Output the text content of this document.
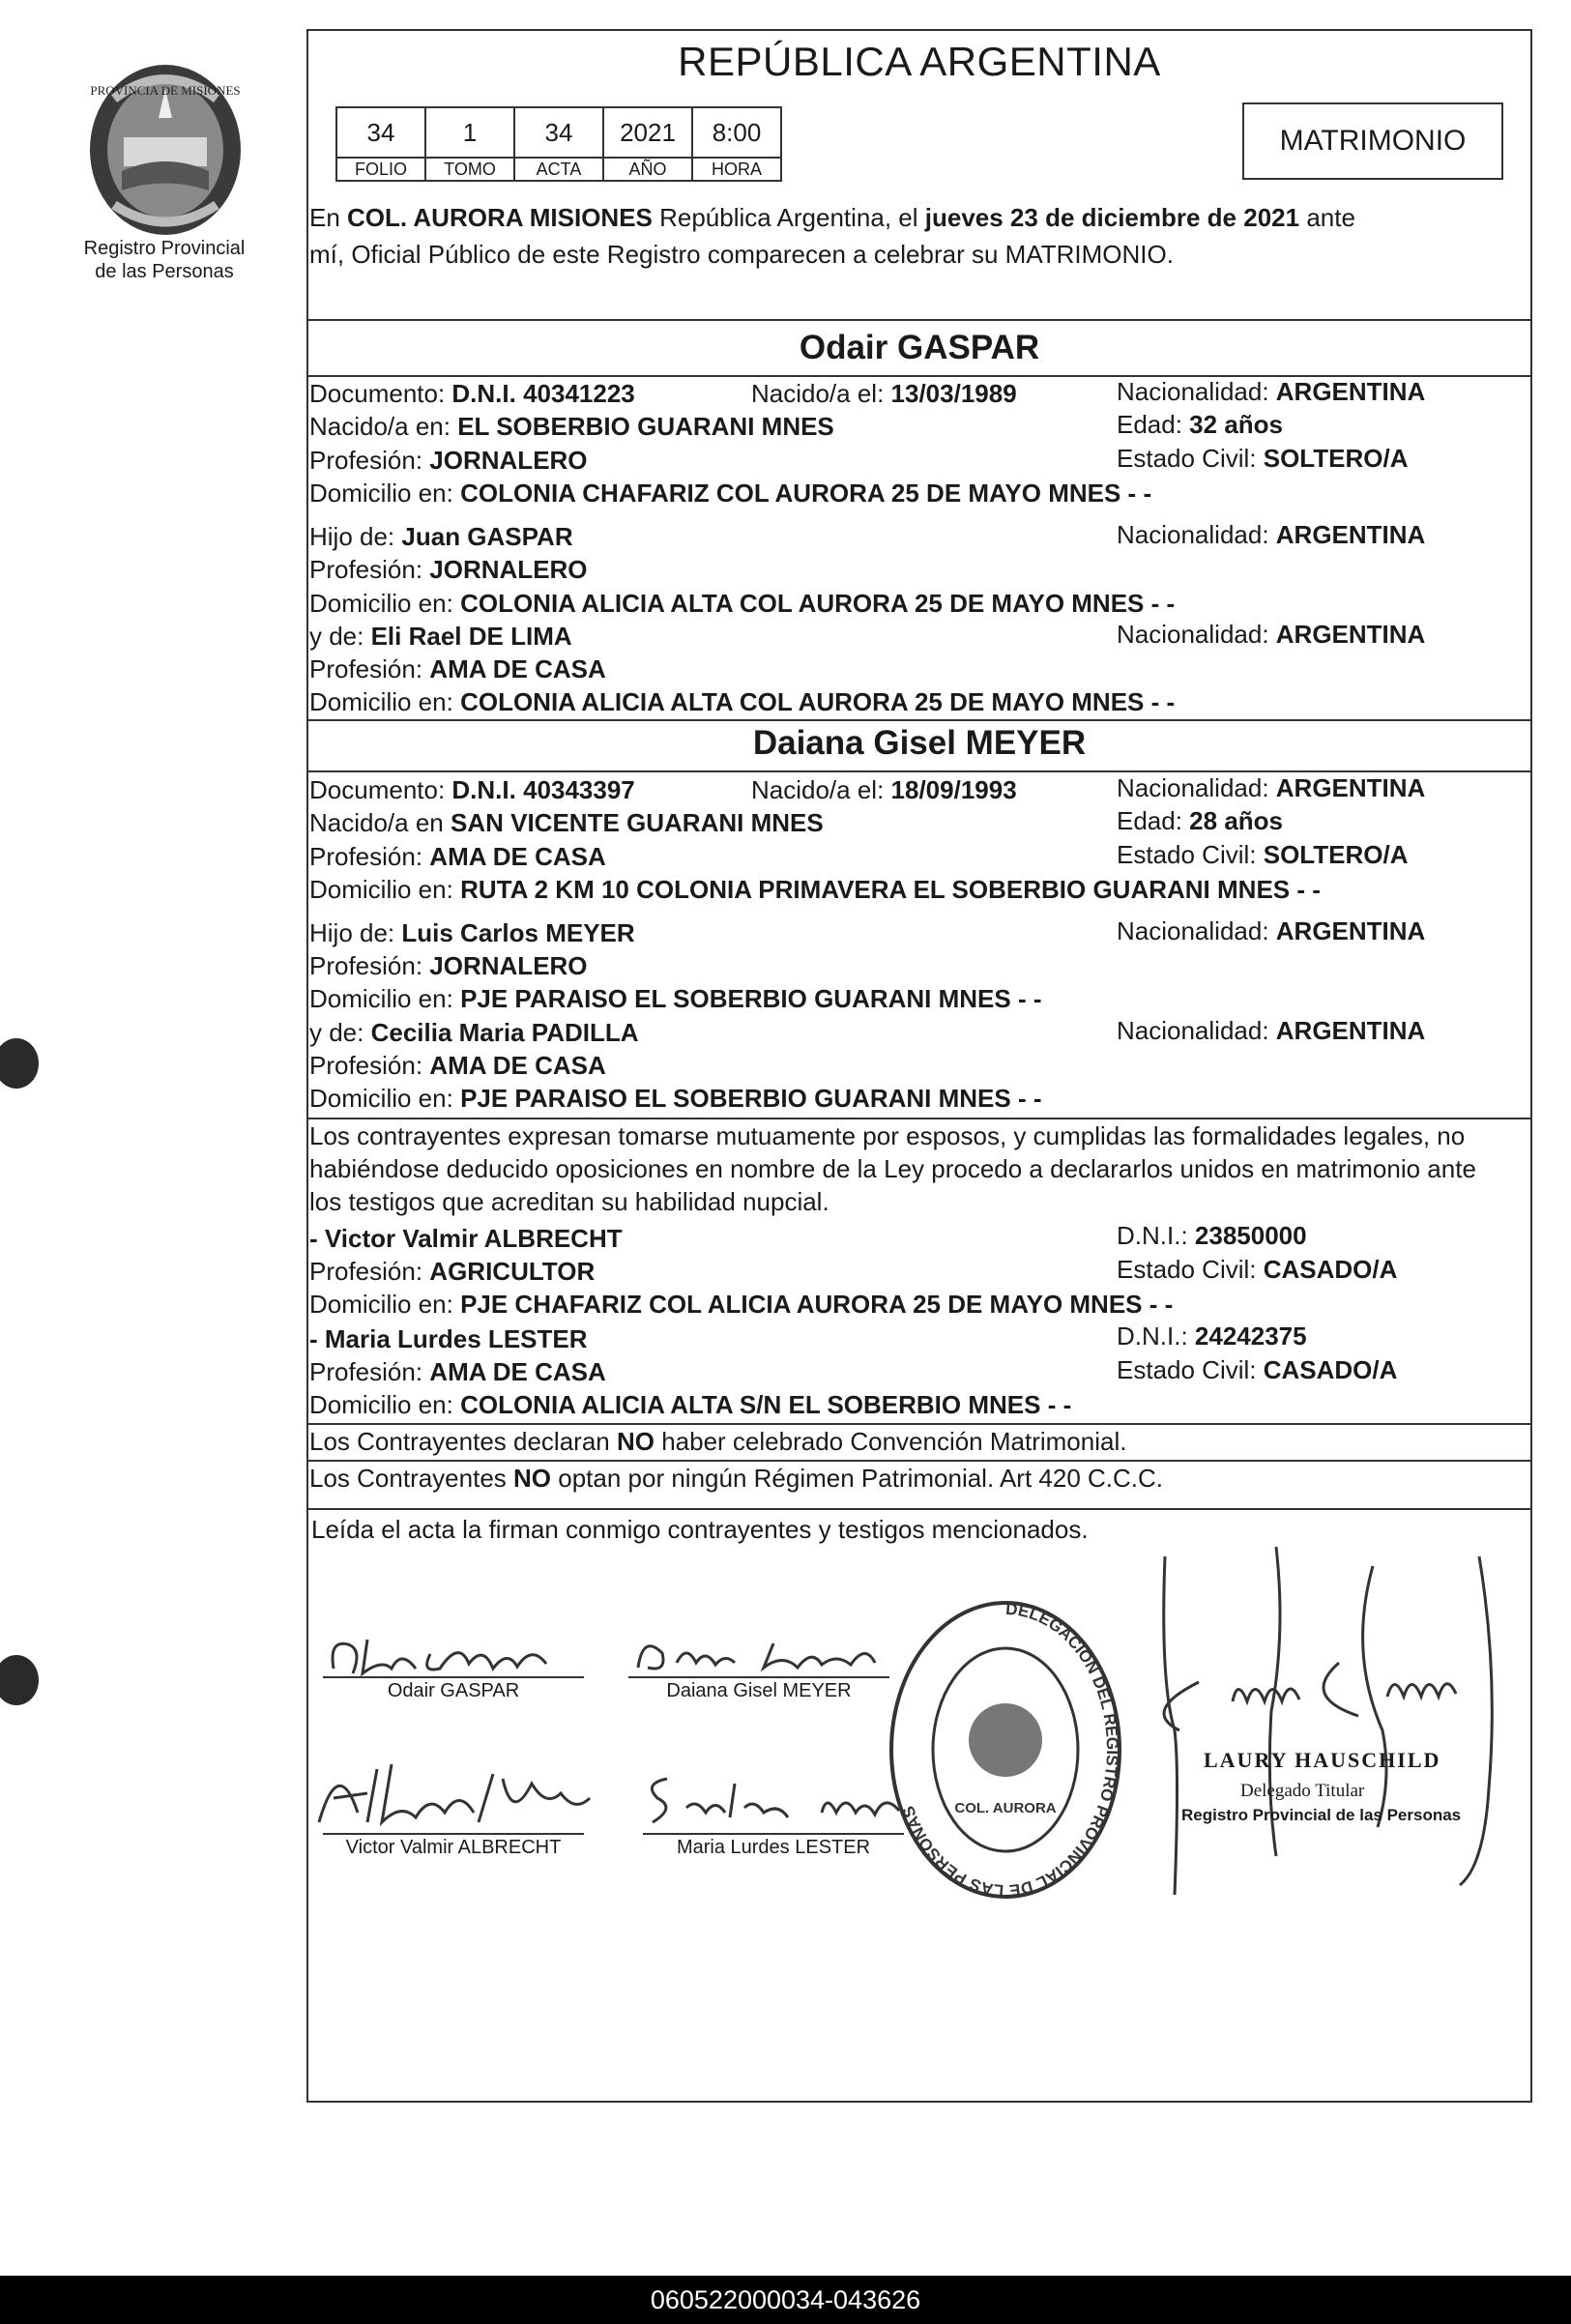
PROVINCIA DE MISIONES
Registro Provincial
de las Personas
REPÚBLICA ARGENTINA
34	1	34	2021	8:00
FOLIO	TOMO	ACTA	AÑO	HORA
MATRIMONIO
En COL. AURORA MISIONES República Argentina, el jueves 23 de diciembre de 2021 ante
mí, Oficial Público de este Registro comparecen a celebrar su MATRIMONIO.
Odair GASPAR
Documento: D.N.I. 40341223	Nacido/a el: 13/03/1989	Nacionalidad: ARGENTINA
Nacido/a en: EL SOBERBIO GUARANI MNES	Edad: 32 años
Profesión: JORNALERO	Estado Civil: SOLTERO/A
Domicilio en: COLONIA CHAFARIZ COL AURORA 25 DE MAYO MNES - -
Hijo de: Juan GASPAR	Nacionalidad: ARGENTINA
Profesión: JORNALERO
Domicilio en: COLONIA ALICIA ALTA COL AURORA 25 DE MAYO MNES - -
y de: Eli Rael DE LIMA	Nacionalidad: ARGENTINA
Profesión: AMA DE CASA
Domicilio en: COLONIA ALICIA ALTA COL AURORA 25 DE MAYO MNES - -
Daiana Gisel MEYER
Documento: D.N.I. 40343397	Nacido/a el: 18/09/1993	Nacionalidad: ARGENTINA
Nacido/a en SAN VICENTE GUARANI MNES	Edad: 28 años
Profesión: AMA DE CASA	Estado Civil: SOLTERO/A
Domicilio en: RUTA 2 KM 10 COLONIA PRIMAVERA EL SOBERBIO GUARANI MNES - -
Hijo de: Luis Carlos MEYER	Nacionalidad: ARGENTINA
Profesión: JORNALERO
Domicilio en: PJE PARAISO EL SOBERBIO GUARANI MNES - -
y de: Cecilia Maria PADILLA	Nacionalidad: ARGENTINA
Profesión: AMA DE CASA
Domicilio en: PJE PARAISO EL SOBERBIO GUARANI MNES - -
Los contrayentes expresan tomarse mutuamente por esposos, y cumplidas las formalidades legales, no
habiéndose deducido oposiciones en nombre de la Ley procedo a declararlos unidos en matrimonio ante
los testigos que acreditan su habilidad nupcial.
- Victor Valmir ALBRECHT	D.N.I.: 23850000
Profesión: AGRICULTOR	Estado Civil: CASADO/A
Domicilio en: PJE CHAFARIZ COL ALICIA AURORA 25 DE MAYO MNES - -
- Maria Lurdes LESTER	D.N.I.: 24242375
Profesión: AMA DE CASA	Estado Civil: CASADO/A
Domicilio en: COLONIA ALICIA ALTA S/N EL SOBERBIO MNES - -
Los Contrayentes declaran NO haber celebrado Convención Matrimonial.
Los Contrayentes NO optan por ningún Régimen Patrimonial. Art 420 C.C.C.
Leída el acta la firman conmigo contrayentes y testigos mencionados.
Odair GASPAR	Daiana Gisel MEYER
Victor Valmir ALBRECHT	Maria Lurdes LESTER
DELEGACION DEL REGISTRO PROVINCIAL DE LAS PERSONAS	COL. AURORA
LAURY HAUSCHILD
Delegado Titular
Registro Provincial de las Personas
060522000034-043626
